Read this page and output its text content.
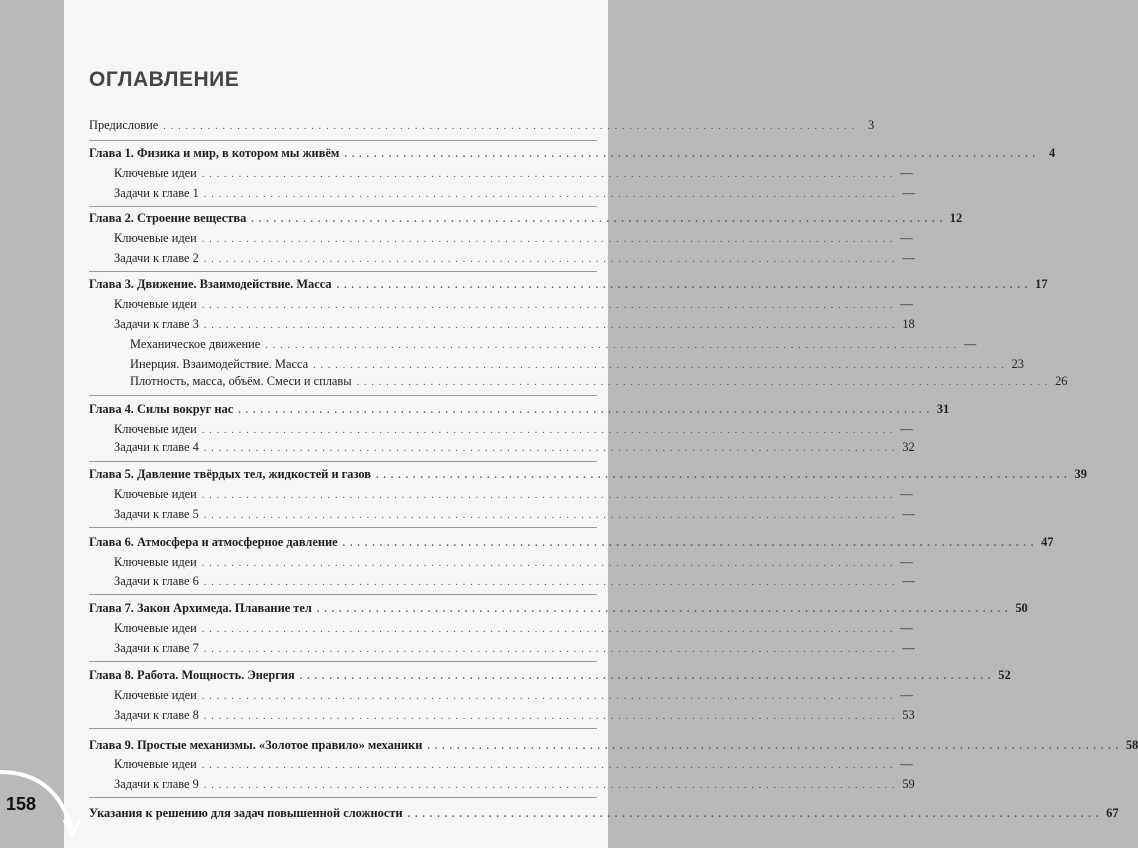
ОГЛАВЛЕНИЕ
Предисловие . . . . . . . . . . . . . . . . . . . . . . . . . . . . . . . . . . . . . . . . . . . . . . . . . . . . . . . . . . . . . . . . . . . . . . . . . . . . . . . . . . . . . . . . . . . . . .	3
Глава 1. Физика и мир, в котором мы живём . . . . . . . . . . . . . . . . . . . . . . . . . . . . . . . . . . . . . . . . . . . . . . . . . . . . . . . . . . . . . . . . . . . . . . . . . . . . . . . . . . . . . . . . . . . . . .	4
Ключевые идеи . . . . . . . . . . . . . . . . . . . . . . . . . . . . . . . . . . . . . . . . . . . . . . . . . . . . . . . . . . . . . . . . . . . . . . . . . . . . . . . . . . . . . . . . . . . . . . —
Задачи к главе 1 . . . . . . . . . . . . . . . . . . . . . . . . . . . . . . . . . . . . . . . . . . . . . . . . . . . . . . . . . . . . . . . . . . . . . . . . . . . . . . . . . . . . . . . . . . . . . . —
Глава 2. Строение вещества . . . . . . . . . . . . . . . . . . . . . . . . . . . . . . . . . . . . . . . . . . . . . . . . . . . . . . . . . . . . . . . . . . . . . . . . . . . . . . . . . . . . . . . . . . . . . . 12
Ключевые идеи . . . . . . . . . . . . . . . . . . . . . . . . . . . . . . . . . . . . . . . . . . . . . . . . . . . . . . . . . . . . . . . . . . . . . . . . . . . . . . . . . . . . . . . . . . . . . . —
Задачи к главе 2 . . . . . . . . . . . . . . . . . . . . . . . . . . . . . . . . . . . . . . . . . . . . . . . . . . . . . . . . . . . . . . . . . . . . . . . . . . . . . . . . . . . . . . . . . . . . . . —
Глава 3. Движение. Взаимодействие. Масса . . . . . . . . . . . . . . . . . . . . . . . . . . . . . . . . . . . . . . . . . . . . . . . . . . . . . . . . . . . . . . . . . . . . . . . . . . . . . . . . . . . . . . . . . . . . . . 17
Ключевые идеи . . . . . . . . . . . . . . . . . . . . . . . . . . . . . . . . . . . . . . . . . . . . . . . . . . . . . . . . . . . . . . . . . . . . . . . . . . . . . . . . . . . . . . . . . . . . . . —
Задачи к главе 3 . . . . . . . . . . . . . . . . . . . . . . . . . . . . . . . . . . . . . . . . . . . . . . . . . . . . . . . . . . . . . . . . . . . . . . . . . . . . . . . . . . . . . . . . . . . . . . 18
Механическое движение . . . . . . . . . . . . . . . . . . . . . . . . . . . . . . . . . . . . . . . . . . . . . . . . . . . . . . . . . . . . . . . . . . . . . . . . . . . . . . . . . . . . . . . . . . . . . . —
Инерция. Взаимодействие. Масса . . . . . . . . . . . . . . . . . . . . . . . . . . . . . . . . . . . . . . . . . . . . . . . . . . . . . . . . . . . . . . . . . . . . . . . . . . . . . . . . . . . . . . . . . . . . . . 23
Плотность, масса, объём. Смеси и сплавы . . . . . . . . . . . . . . . . . . . . . . . . . . . . . . . . . . . . . . . . . . . . . . . . . . . . . . . . . . . . . . . . . . . . . . . . . . . . . . . . . . . . . . . . . . . . . . 26
Глава 4. Силы вокруг нас . . . . . . . . . . . . . . . . . . . . . . . . . . . . . . . . . . . . . . . . . . . . . . . . . . . . . . . . . . . . . . . . . . . . . . . . . . . . . . . . . . . . . . . . . . . . . . 31
Ключевые идеи . . . . . . . . . . . . . . . . . . . . . . . . . . . . . . . . . . . . . . . . . . . . . . . . . . . . . . . . . . . . . . . . . . . . . . . . . . . . . . . . . . . . . . . . . . . . . . —
Задачи к главе 4 . . . . . . . . . . . . . . . . . . . . . . . . . . . . . . . . . . . . . . . . . . . . . . . . . . . . . . . . . . . . . . . . . . . . . . . . . . . . . . . . . . . . . . . . . . . . . . 32
Глава 5. Давление твёрдых тел, жидкостей и газов . . . . . . . . . . . . . . . . . . . . . . . . . . . . . . . . . . . . . . . . . . . . . . . . . . . . . . . . . . . . . . . . . . . . . . . . . . . . . . . . . . . . . . . . . . . . . . 39
Ключевые идеи . . . . . . . . . . . . . . . . . . . . . . . . . . . . . . . . . . . . . . . . . . . . . . . . . . . . . . . . . . . . . . . . . . . . . . . . . . . . . . . . . . . . . . . . . . . . . . —
Задачи к главе 5 . . . . . . . . . . . . . . . . . . . . . . . . . . . . . . . . . . . . . . . . . . . . . . . . . . . . . . . . . . . . . . . . . . . . . . . . . . . . . . . . . . . . . . . . . . . . . . —
Глава 6. Атмосфера и атмосферное давление . . . . . . . . . . . . . . . . . . . . . . . . . . . . . . . . . . . . . . . . . . . . . . . . . . . . . . . . . . . . . . . . . . . . . . . . . . . . . . . . . . . . . . . . . . . . . . 47
Ключевые идеи . . . . . . . . . . . . . . . . . . . . . . . . . . . . . . . . . . . . . . . . . . . . . . . . . . . . . . . . . . . . . . . . . . . . . . . . . . . . . . . . . . . . . . . . . . . . . . —
Задачи к главе 6 . . . . . . . . . . . . . . . . . . . . . . . . . . . . . . . . . . . . . . . . . . . . . . . . . . . . . . . . . . . . . . . . . . . . . . . . . . . . . . . . . . . . . . . . . . . . . . —
Глава 7. Закон Архимеда. Плавание тел . . . . . . . . . . . . . . . . . . . . . . . . . . . . . . . . . . . . . . . . . . . . . . . . . . . . . . . . . . . . . . . . . . . . . . . . . . . . . . . . . . . . . . . . . . . . . . 50
Ключевые идеи . . . . . . . . . . . . . . . . . . . . . . . . . . . . . . . . . . . . . . . . . . . . . . . . . . . . . . . . . . . . . . . . . . . . . . . . . . . . . . . . . . . . . . . . . . . . . . —
Задачи к главе 7 . . . . . . . . . . . . . . . . . . . . . . . . . . . . . . . . . . . . . . . . . . . . . . . . . . . . . . . . . . . . . . . . . . . . . . . . . . . . . . . . . . . . . . . . . . . . . . —
Глава 8. Работа. Мощность. Энергия . . . . . . . . . . . . . . . . . . . . . . . . . . . . . . . . . . . . . . . . . . . . . . . . . . . . . . . . . . . . . . . . . . . . . . . . . . . . . . . . . . . . . . . . . . . . . . 52
Ключевые идеи . . . . . . . . . . . . . . . . . . . . . . . . . . . . . . . . . . . . . . . . . . . . . . . . . . . . . . . . . . . . . . . . . . . . . . . . . . . . . . . . . . . . . . . . . . . . . . —
Задачи к главе 8 . . . . . . . . . . . . . . . . . . . . . . . . . . . . . . . . . . . . . . . . . . . . . . . . . . . . . . . . . . . . . . . . . . . . . . . . . . . . . . . . . . . . . . . . . . . . . . 53
Глава 9. Простые механизмы. «Золотое правило» механики . . . . . . . . . . . . . . . . . . . . . . . . . . . . . . . . . . . . . . . . . . . . . . . . . . . . . . . . . . . . . . . . . . . . . . . . . . . . . . . . . . . . . . . . . . . . . . 58
Ключевые идеи . . . . . . . . . . . . . . . . . . . . . . . . . . . . . . . . . . . . . . . . . . . . . . . . . . . . . . . . . . . . . . . . . . . . . . . . . . . . . . . . . . . . . . . . . . . . . . —
Задачи к главе 9 . . . . . . . . . . . . . . . . . . . . . . . . . . . . . . . . . . . . . . . . . . . . . . . . . . . . . . . . . . . . . . . . . . . . . . . . . . . . . . . . . . . . . . . . . . . . . . 59
Указания к решению для задач повышенной сложности . . . . . . . . . . . . . . . . . . . . . . . . . . . . . . . . . . . . . . . . . . . . . . . . . . . . . . . . . . . . . . . . . . . . . . . . . . . . . . . . . . . . . . . . . . . . . . 67
158
